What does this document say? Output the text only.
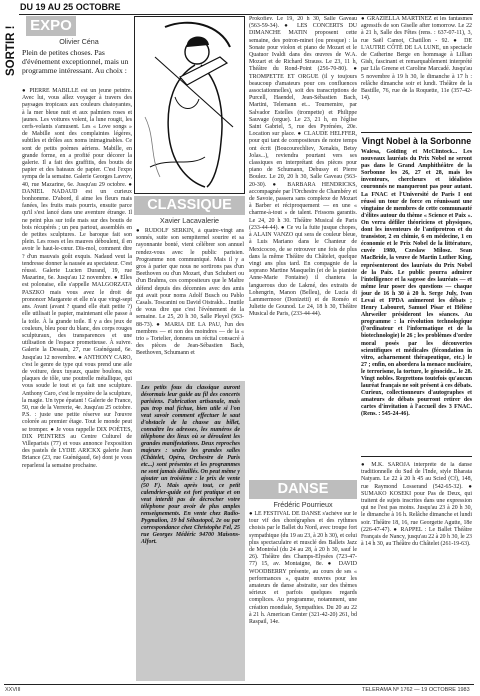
SORTIR !
DU 19 AU 25 OCTOBRE
EXPO
Olivier Céna
Plein de petites choses. Pas d'événement exceptionnel, mais un programme intéressant. Au choix :
● PIERRE MABILLE est un jeune peintre. Avec lui, vous allez voyager à travers des paysages tropicaux aux couleurs chatoyantes, à la mer bleue nuit et aux palmiers roses et jaunes. Les voitures volent, la lune rougit, les cerfs-volants s'amusent. Les « Love songs » de Mabille sont des complaintes légères, subtiles et drôles aux noms inimaginables. Ce sont de petits poèmes aériens. Mabille, en grande forme, en a profité pour décorer la galerie. Il a fait des graffitis, des boutis de papier et des bateaux de papier. C'est l'expo sympa de la semaine. Galerie Georges Lavrov, 40, rue Mazarine, 6e. Jusqu'au 29 octobre. ● DANIEL NADAUD est un curieux bonhomme. D'abord, il aime les fleurs mais fanées, les fruits mais pourris, ensuite parce qu'il s'est lancé dans une aventure étrange. Il ne peint plus sur toile mais sur des boutis de bois récupérés ; un peu partout, assemblés en de petites sculptures. Le baroque fait son plein. Les roses et les mauves déboulent, il en avoir le haut-le-cœur. Dis-mol, comment dire ? d'un mauvais goût exquis. Nadaud veut la tendresse donner la nausée au spectateur. C'est réussi. Galerie Lucien Durand, 19, rue Mazarine, 6e. Jusqu'au 12 novembre. ● Elles est polonaise, elle s'appelle MALGORZATA PASZKO mais vous avez le droit de prononcer Margarete et elle n'a que vingt-sept ans. Avant (avant ? quand elle était petite ?) elle utilisait le papier, maintenant elle passe à la toile. À la grande toile. Il y a des jeux de couleurs, bleu pour du blanc, des corps rouges sculpturaux, des transparences et une utilisation de l'espace prometteuse. À suivre. Galerie la Dessain, 27, rue Guénégaud, 6e. Jusqu'au 12 novembre. ● ANTHONY CARO, c'est le genre de type qui vous prend une aile de voiture, deux tuyaux, quatre boulons, six plaques de tôle, une poutrelle métallique, qui vous soude le tout et ça fait une sculpture. Anthony Caro, c'est le mystère de la sculpture, la magie. Un type épatant ! Galerie de France, 50, rue de la Verrerie, 4e. Jusqu'au 25 octobre. P.S. : juste une petite réserve sur l'œuvre colorée au premier étage. Tout le monde peut se tromper. ● Je vous rappelle DIX POÈTES, DIX PEINTRES au Centre Culturel de Villeparisis (77) et vous annonce l'exposition des pastels de LYDIE ARICKX galerie Jean Briance (23, rue Guénégaud, 6e) dont je vous reparlerai la semaine prochaine.
CLASSIQUE
Xavier Lacavalerie
● RUDOLF SERKIN, à quatre-vingt ans sonnés, suite son sempiternel sourire et sa rayonnante bonté, vient célébrer son annuel rendez-vous avec le public parisien. Programme non communiqué. Mais il y a gros à parier que nous ne sortirons pas d'un Beethoven ou d'un Mozart, d'un Schubert ou d'un Brahms, ces compositeurs que le Maître défend depuis des décennies avec des amis qui avait pour noms Adolf Busch ou Pablo Casals. Toscanini ou David Oistrakh... Inutile de vous dire que c'est l'événement de la semaine. Le 25, 20 h 30, Salle Pleyel (563-88-73). ● MARIA DE LA PAU, l'un des membres — et non des moindres — de la « trio » Tortelier, donnera un récital consacré à des pièces de Jean-Sébastien Bach, Beethoven, Schumann et

Les petits fous du classique auront désormais leur guide au fil des concerts parisiens. Fabrication artisanale, mais pas trop mal fichue, bien utile si l'on veut savoir comment effectuer le saut d'obstacle de la chasse au billet, connaître les adresses, les numéros de téléphone des lieux où se déroulent les grandes manifestations. Deux reproches majeurs : seules les grandes salles (Châtelet, Opéra, Orchestre de Paris etc...) sont présentes et les programmes ne sont jamais détaillés. On peut même y ajouter un troisième : le prix de vente (50 F). Mais après tout, ce petit calendrier-guide est fort pratique et on veut interdit pas de décrocher votre téléphone pour avoir de plus amples renseignements. En vente chez Radio-Pygmalion, 19 bd Sébastopol, 2e ou par correspondance chez Christophe Fel, 25 rue Georges Médéric 94700 Maisons-Alfort.

Prokofiev. Le 19, 20 h 30, Salle Gaveau (563-59-34). ● LES CONCERTS DU DIMANCHE MATIN proposent cette semaine, des potron-minet (ou presque) : la Sonate pour violon et piano de Mozart et le Quatuor Ivaldi dans des œuvres de W.A. Mozart et de Richard Strauss. Le 23, 11 h, Théâtre du Rond-Point (256-70-80). ● TROMPETTE ET ORGUE (il y toujours beaucoup d'amateurs pour ces confluences associationnelles), soit des transcriptions de Purcell, Haendel, Jean-Sébastien Bach, Martini, Telemann et... Tournemire, par Salvador Estelles (trompette) et Philippe Sauvage (orgue). Le 23, 21 h, en l'église Saint Gabriel, 5, rue des Pyrénées, 20e. Location sur place. ● CLAUDE HELFFER, pour qui tant de compositeurs de notre temps ont écrit (Boucourechliev, Xenakis, Betsy Jolas...), reviendra pourtant vers ses classiques en interprétant des pièces pour piano de Schumann, Debussy et Pierre Boulez. Le 20, 20 h 30, Salle Gaveau (563-20-30). ● BARBARA HENDRICKS, accompagnée par l'Orchestre de Chambéry et de Savoie, passera sans complexe de Mozart à Barber et réciproquement — en une « charme-à-tout » de talent. Frissons garantis. Le 24, 20 h 30. Théâtre Musical de Paris (233-44-44). ● Ce vu la fuite jusque chopes, à ALAIN VANZO qui sera de couleur bleue, à Luis Mariano dans le Chanteur de Mexicocoo, de se retrouver une fois de plus dans la même Théâtre du Châtelet, quelque vingt ans plus tard. En compagnie de la soprano Martine Masquelin (et de la pianiste Anne-Marie Fontaine) il chantera la languerous duo de Lakmé, des extraits de Lohengrin, Manon (Belleu), de Lucia di Lammermoor (Donizetti) et de Roméo et Juliette de Gounod. Le 24, 18 h 30, Théâtre Musical de Paris, (233-44-44).
DANSE
Frédéric Pourrieux
● LE FESTIVAL DE DANSE s'achève sur le tour vif des chorégraphes et des rythmes choisis par le Ballet du Nord, avec troupe fort sympathique (du 19 au 23, à 20 h 30), et celui plus spectaculaire et musclé des Ballets Jazz de Montréal (du 24 au 28, à 20 h 30, sauf le 26). Théâtre des Champs-Elysées (723-47-77) 15, av. Montaigne, 8e. ● DAVID WOODBERRY présente, au cours de ses « performances », quatre œuvres pour les amateurs de danse abstraite, sur des thèmes sérieux et parfois quelques regards complices. Au programme, notamment, une création mondiale, Sympathies. Du 20 au 22 à 21 h. American Center (321-42-20) 261, bd Raspail, 14e.
● GRAZIELLA MARTINEZ et les fantasmes agressifs de son Giselle after tomorrow. Le 22 à 21 h, Salle des Fêtes (rens. : 637-07-11), 3, rue Saël Camot, Chatillon - 92. ● DE L'AUTRE CÔTÉ DE LA LUNE, un spectacle de Catherine Berge en hommage à Lillian Gish, fascinant et remarquablement interprété par Lila Greene et Caroline Marcadé. Jusqu'au 5 novembre à 19 h 30, le dimanche à 17 h : relâche dimanche soir et lundi. Théâtre de la Bastille, 76, rue de la Roquette, 11e (357-42-14).
Vingt Nobel à la Sorbonne

Walesa, Golding et McClintock... Les nouveaux lauréats du Prix Nobel ne seront pas dans le Grand Amphithéâtre de la Sorbonne les 26, 27 et 28, mais les inventeurs, chercheurs et idéalistes couronnés ne manqueront pas pour autant. La FNAC et l'Université de Paris I ont réussi un tour de force en réunissant une vingtaine de membres de cette communauté d'élites autour du thème « Science et Paix ». On verra défiler théoriciens et physiques, dont les inventeurs de l'antiprotron et du transistor, 2 en chimie, 6 en médecine, 1 en économie et le Prix Nobel de la littérature, cuvée 1980, Czeslaw Milosz. Sean MacBride, la veuve de Martin Luther King, représenteront des lauréats du Prix Nobel de la Paix. Le public pourra admirer l'intelligence et la sagesse des lauréats — et même leur poser des questions — chaque jour de 16 h 30 à 20 h. Serge July, Ivan Levai et FPDA animeront les débats ; Henry Labouret, Samuel Pisar et Hélène Ahrweiler présideront les séances. Au programme : la révolution technologique (l'ordinateur et l'informatique et de la biotechnologie) le 26 ; les problèmes d'ordre moral posés par les découvertes scientifiques et médicales (fécondation in vitro, acharnement thérapeutique, etc.) le 27 ; enfin, on abordera la menace nucléaire, le terrorisme, la torture, le génocide... le 28. Vingt nobles. Regrettons toutefois qu'aucun lauréat français ne soit présent à ces débats. Curieux, collectionneurs d'autographes et amateurs de débats pourront retirer des cartes d'invitation à l'accueil des 3 FNAC. (Rens. : 545-24-46).

● M.K. SAROJA interprète de la danse traditionnelle du Sud de l'Inde, style Bharata Natyam. Le 22 à 20 h 45 au Scied (Cf), 148, rue Raymond Losserand (542-65-32). ● SUMAKO KOSEKI pour Pas de Deux, qui traitent de sujets inscrites dans une expression qui ne l'est pas moins. Jusqu'au 23 à 20 h 30, le dimanche à 16 h. Relâche dimanche et lundi soir. Théâtre 18, 16, rue Georgette Agutte, 18e (226-47-47). ● RAPPEL : Le Ballet Théâtre Français de Nancy, jusqu'au 22 à 20 h 30, le 23 à 14 h 30, au Théâtre du Châtelet (261-19-63).
XXVIII	TELERAMA Nº 1762 — 19 OCTOBRE 1983
